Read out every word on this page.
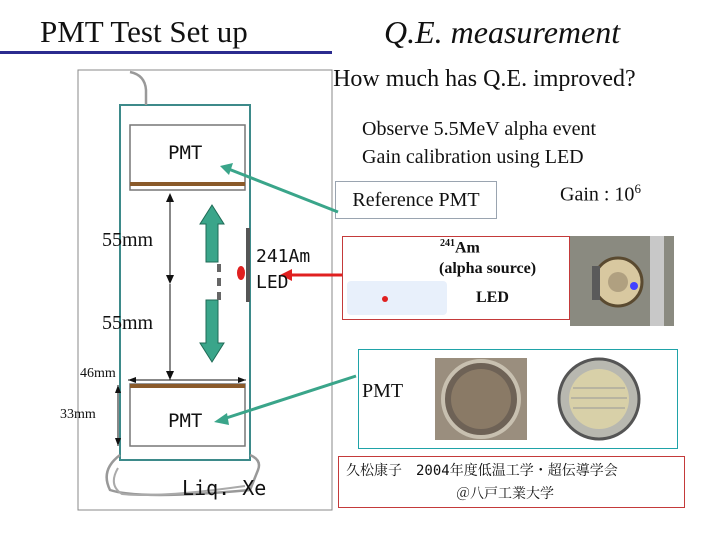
PMT Test Set up	Q.E. measurement
How much has Q.E. improved?
Observe 5.5MeV alpha event
Gain calibration using LED
Reference PMT	Gain : $10^6$
PMT
PMT
241Am
LED
Liq. Xe
55mm
55mm
46mm
33mm
$^{241}$Am
(alpha source)
LED
PMT
久松康子　2004年度低温工学・超伝導学会
＠八戸工業大学
